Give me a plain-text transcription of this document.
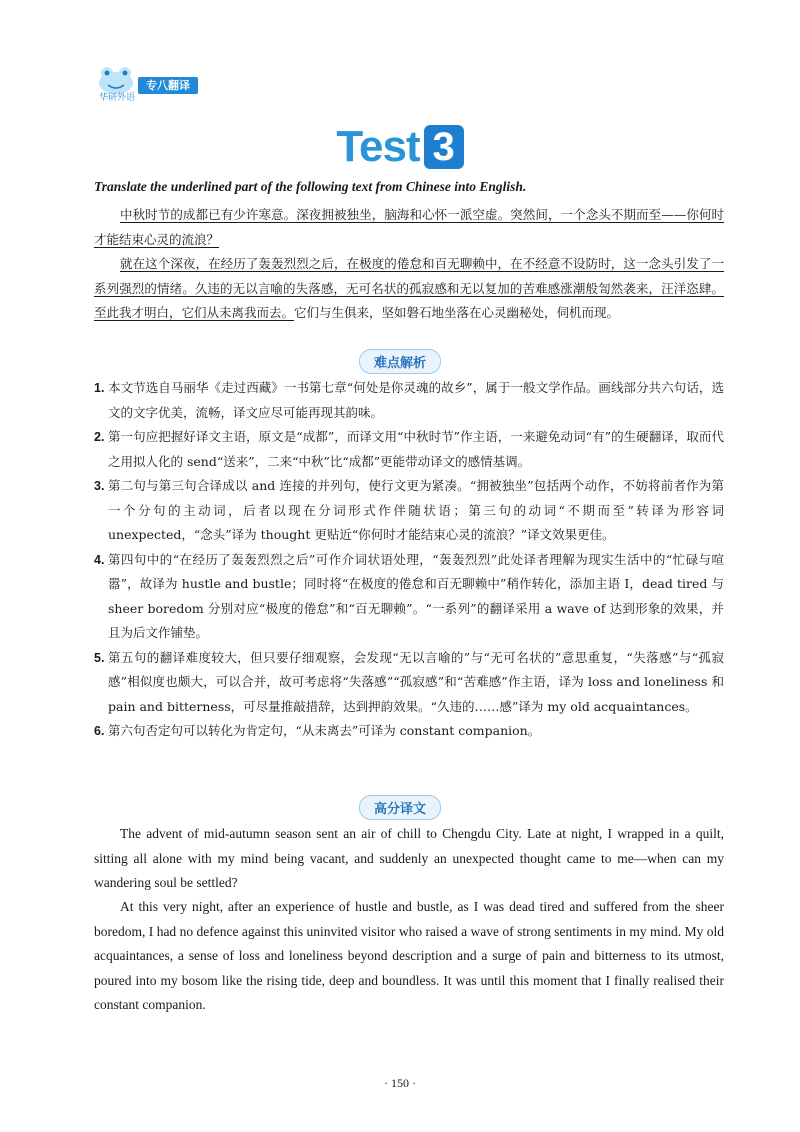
华研外语
专八翻译
Test 3
Translate the underlined part of the following text from Chinese into English.
中秋时节的成都已有少许寒意。深夜拥被独坐，脑海和心怀一派空虚。突然间，一个念头不期而至——你何时才能结束心灵的流浪？
就在这个深夜，在经历了轰轰烈烈之后，在极度的倦怠和百无聊赖中，在不经意不设防时，这一念头引发了一系列强烈的情绪。久违的无以言喻的失落感，无可名状的孤寂感和无以复加的苦难感涨潮般訇然袭来，汪洋恣肆。至此我才明白，它们从未离我而去。它们与生俱来，坚如磐石地坐落在心灵幽秘处，伺机而现。
难点解析
1. 本文节选自马丽华《走过西藏》一书第七章“何处是你灵魂的故乡”，属于一般文学作品。画线部分共六句话，选文的文字优美，流畅，译文应尽可能再现其韵味。
2. 第一句应把握好译文主语，原文是“成都”，而译文用“中秋时节”作主语，一来避免动词“有”的生硬翻译，取而代之用拟人化的 send“送来”，二来“中秋”比“成都”更能带动译文的感情基调。
3. 第二句与第三句合译成以 and 连接的并列句，使行文更为紧凑。“拥被独坐”包括两个动作，不妨将前者作为第一个分句的主动词，后者以现在分词形式作伴随状语；第三句的动词“不期而至”转译为形容词 unexpected，“念头”译为 thought 更贴近“你何时才能结束心灵的流浪？”译文效果更佳。
4. 第四句中的“在经历了轰轰烈烈之后”可作介词状语处理，“轰轰烈烈”此处译者理解为现实生活中的“忙碌与喧嚣”，故译为 hustle and bustle；同时将“在极度的倦怠和百无聊赖中”稍作转化，添加主语 I，dead tired 与 sheer boredom 分别对应“极度的倦怠”和“百无聊赖”。“一系列”的翻译采用 a wave of 达到形象的效果，并且为后文作铺垫。
5. 第五句的翻译难度较大，但只要仔细观察，会发现“无以言喻的”与“无可名状的”意思重复，“失落感”与“孤寂感”相似度也颇大，可以合并，故可考虑将“失落感”“孤寂感”和“苦难感”作主语，译为 loss and loneliness 和 pain and bitterness，可尽量推敲措辞，达到押韵效果。“久违的……感”译为 my old acquaintances。
6. 第六句否定句可以转化为肯定句，“从未离去”可译为 constant companion。
高分译文
The advent of mid-autumn season sent an air of chill to Chengdu City. Late at night, I wrapped in a quilt, sitting all alone with my mind being vacant, and suddenly an unexpected thought came to me—when can my wandering soul be settled?
At this very night, after an experience of hustle and bustle, as I was dead tired and suffered from the sheer boredom, I had no defence against this uninvited visitor who raised a wave of strong sentiments in my mind. My old acquaintances, a sense of loss and loneliness beyond description and a surge of pain and bitterness to its utmost, poured into my bosom like the rising tide, deep and boundless. It was until this moment that I finally realised their constant companion.
· 150 ·
